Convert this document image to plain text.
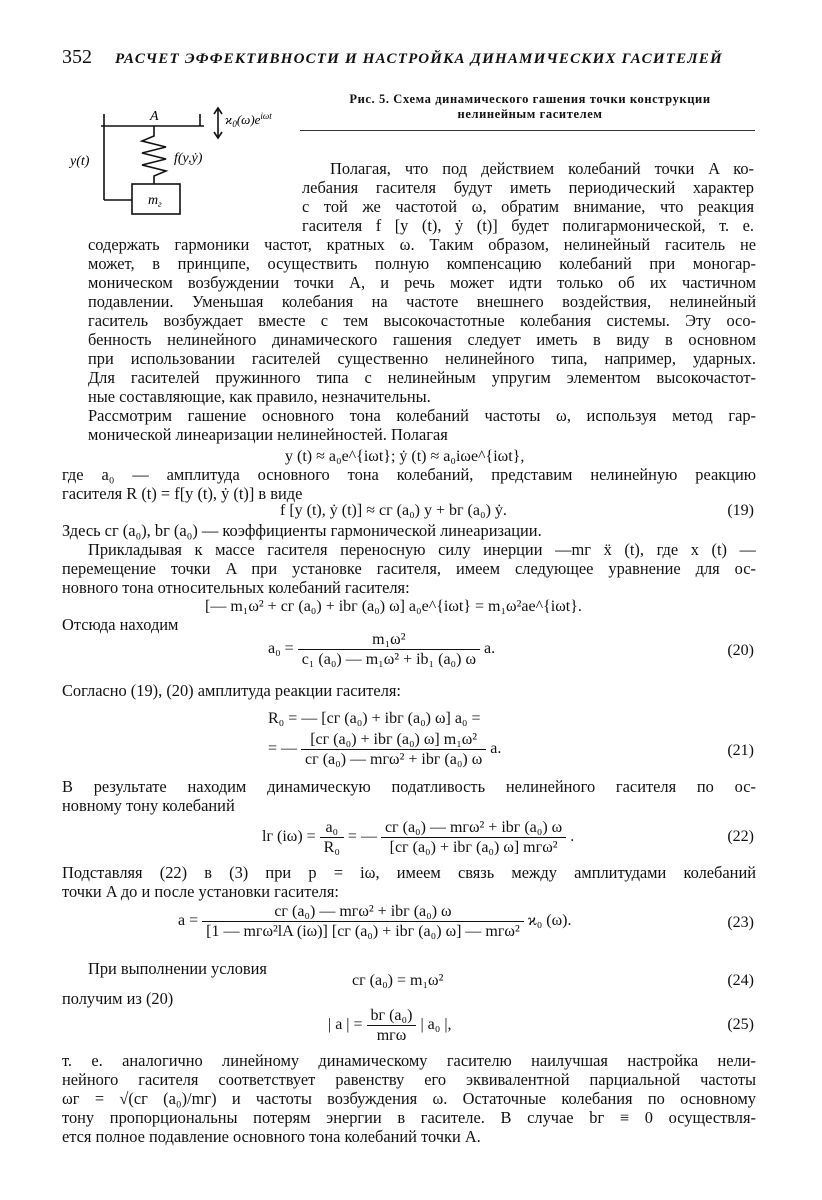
352 РАСЧЕТ ЭФФЕКТИВНОСТИ И НАСТРОЙКА ДИНАМИЧЕСКИХ ГАСИТЕЛЕЙ
A	$ϰ_0(\omega)e^{i\omega t}$
y(t)	f(y,ẏ)
$m_г$
Рис. 5. Схема динамического гашения точки конструкции
нелинейным гасителем
Полагая, что под действием колебаний точки A ко-
лебания гасителя будут иметь периодический характер
с той же частотой ω, обратим внимание, что реакция
гасителя f [y (t), ẏ (t)] будет полигармонической, т. е.
содержать гармоники частот, кратных ω. Таким образом, нелинейный гаситель не
может, в принципе, осуществить полную компенсацию колебаний при моногар-
моническом возбуждении точки A, и речь может идти только об их частичном
подавлении. Уменьшая колебания на частоте внешнего воздействия, нелинейный
гаситель возбуждает вместе с тем высокочастотные колебания системы. Эту осо-
бенность нелинейного динамического гашения следует иметь в виду в основном
при использовании гасителей существенно нелинейного типа, например, ударных.
Для гасителей пружинного типа с нелинейным упругим элементом высокочастот-
ные составляющие, как правило, незначительны.
Рассмотрим гашение основного тона колебаний частоты ω, используя метод гар-
монической линеаризации нелинейностей. Полагая
y (t) ≈ a₀e^{iωt}; ẏ (t) ≈ a₀iωe^{iωt},
где a₀ — амплитуда основного тона колебаний, представим нелинейную реакцию
гасителя R (t) = f[y (t), ẏ (t)] в виде
f [y (t), ẏ (t)] ≈ cг (a₀) y + bг (a₀) ẏ.	(19)
Здесь cг (a₀), bг (a₀) — коэффициенты гармонической линеаризации.
Прикладывая к массе гасителя переносную силу инерции —mг ẍ (t), где x (t) —
перемещение точки A при установке гасителя, имеем следующее уравнение для ос-
новного тона относительных колебаний гасителя:
[— m₁ω² + cг (a₀) + ibг (a₀) ω] a₀e^{iωt} = m₁ω²ae^{iωt}.
Отсюда находим
$a_0 = \frac{\text{m₁ω²}}{\text{c₁ (a₀) — m₁ω² + ib₁ (a₀) ω}} a$.	(20)
Согласно (19), (20) амплитуда реакции гасителя:
R₀ = — [cг (a₀) + ibг (a₀) ω] a₀ =
= — $\frac{\text{[cг (a₀) + ibг (a₀) ω] m₁ω²}}{\text{cг (a₀) — mгω² + ibг (a₀) ω}} a$.	(21)
В результате находим динамическую податливость нелинейного гасителя по ос-
новному тону колебаний
lг $(i\omega) = \frac{\text{a₀}}{\text{R₀}}$ = — $\frac{\text{cг (a₀) — mгω² + ibг (a₀) ω}}{\text{[cг (a₀) + ibг (a₀) ω] mгω²}}$ .	(22)
Подставляя (22) в (3) при p = iω, имеем связь между амплитудами колебаний
точки A до и после установки гасителя:
$a = \frac{\text{cг (a₀) — mгω² + ibг (a₀) ω}}{\text{[1 — mгω²lA (iω)] [cг (a₀) + ibг (a₀) ω] — mгω²}} ϰ_0$ (ω).	(23)
При выполнении условия
cг (a₀) = m₁ω²	(24)
получим из (20)
| a | = $\frac{\text{bг (a₀)}}{\text{mгω}}$ | a₀ |,	(25)
т. е. аналогично линейному динамическому гасителю наилучшая настройка нели-
нейного гасителя соответствует равенству его эквивалентной парциальной частоты
ωг = √(cг (a₀)/mг) и частоты возбуждения ω. Остаточные колебания по основному
тону пропорциональны потерям энергии в гасителе. В случае bг ≡ 0 осуществля-
ется полное подавление основного тона колебаний точки A.
